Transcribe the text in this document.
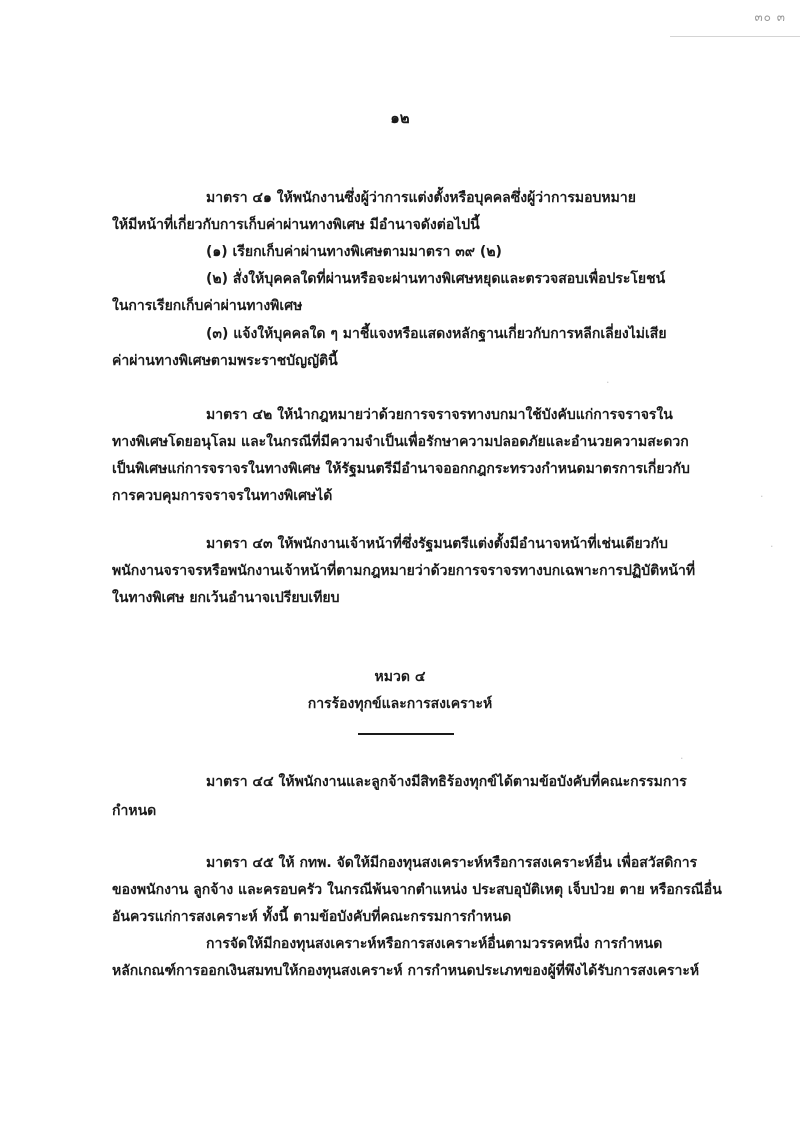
๓๐ ๓
๑๒
มาตรา ๔๑ ให้พนักงานซึ่งผู้ว่าการแต่งตั้งหรือบุคคลซึ่งผู้ว่าการมอบหมาย
ให้มีหน้าที่เกี่ยวกับการเก็บค่าผ่านทางพิเศษ มีอำนาจดังต่อไปนี้
(๑) เรียกเก็บค่าผ่านทางพิเศษตามมาตรา ๓๙ (๒)
(๒) สั่งให้บุคคลใดที่ผ่านหรือจะผ่านทางพิเศษหยุดและตรวจสอบเพื่อประโยชน์
ในการเรียกเก็บค่าผ่านทางพิเศษ
(๓) แจ้งให้บุคคลใด ๆ มาชี้แจงหรือแสดงหลักฐานเกี่ยวกับการหลีกเลี่ยงไม่เสีย
ค่าผ่านทางพิเศษตามพระราชบัญญัตินี้
มาตรา ๔๒ ให้นำกฎหมายว่าด้วยการจราจรทางบกมาใช้บังคับแก่การจราจรใน
ทางพิเศษโดยอนุโลม และในกรณีที่มีความจำเป็นเพื่อรักษาความปลอดภัยและอำนวยความสะดวก
เป็นพิเศษแก่การจราจรในทางพิเศษ ให้รัฐมนตรีมีอำนาจออกกฎกระทรวงกำหนดมาตรการเกี่ยวกับ
การควบคุมการจราจรในทางพิเศษได้
มาตรา ๔๓ ให้พนักงานเจ้าหน้าที่ซึ่งรัฐมนตรีแต่งตั้งมีอำนาจหน้าที่เช่นเดียวกับ
พนักงานจราจรหรือพนักงานเจ้าหน้าที่ตามกฎหมายว่าด้วยการจราจรทางบกเฉพาะการปฏิบัติหน้าที่
ในทางพิเศษ ยกเว้นอำนาจเปรียบเทียบ
หมวด ๔
การร้องทุกข์และการสงเคราะห์
มาตรา ๔๔ ให้พนักงานและลูกจ้างมีสิทธิร้องทุกข์ได้ตามข้อบังคับที่คณะกรรมการ
กำหนด
มาตรา ๔๕ ให้ กทพ. จัดให้มีกองทุนสงเคราะห์หรือการสงเคราะห์อื่น เพื่อสวัสดิการ
ของพนักงาน ลูกจ้าง และครอบครัว ในกรณีพ้นจากตำแหน่ง ประสบอุบัติเหตุ เจ็บป่วย ตาย หรือกรณีอื่น
อันควรแก่การสงเคราะห์ ทั้งนี้ ตามข้อบังคับที่คณะกรรมการกำหนด
การจัดให้มีกองทุนสงเคราะห์หรือการสงเคราะห์อื่นตามวรรคหนึ่ง การกำหนด
หลักเกณฑ์การออกเงินสมทบให้กองทุนสงเคราะห์ การกำหนดประเภทของผู้ที่พึงได้รับการสงเคราะห์
·
·
·
·
